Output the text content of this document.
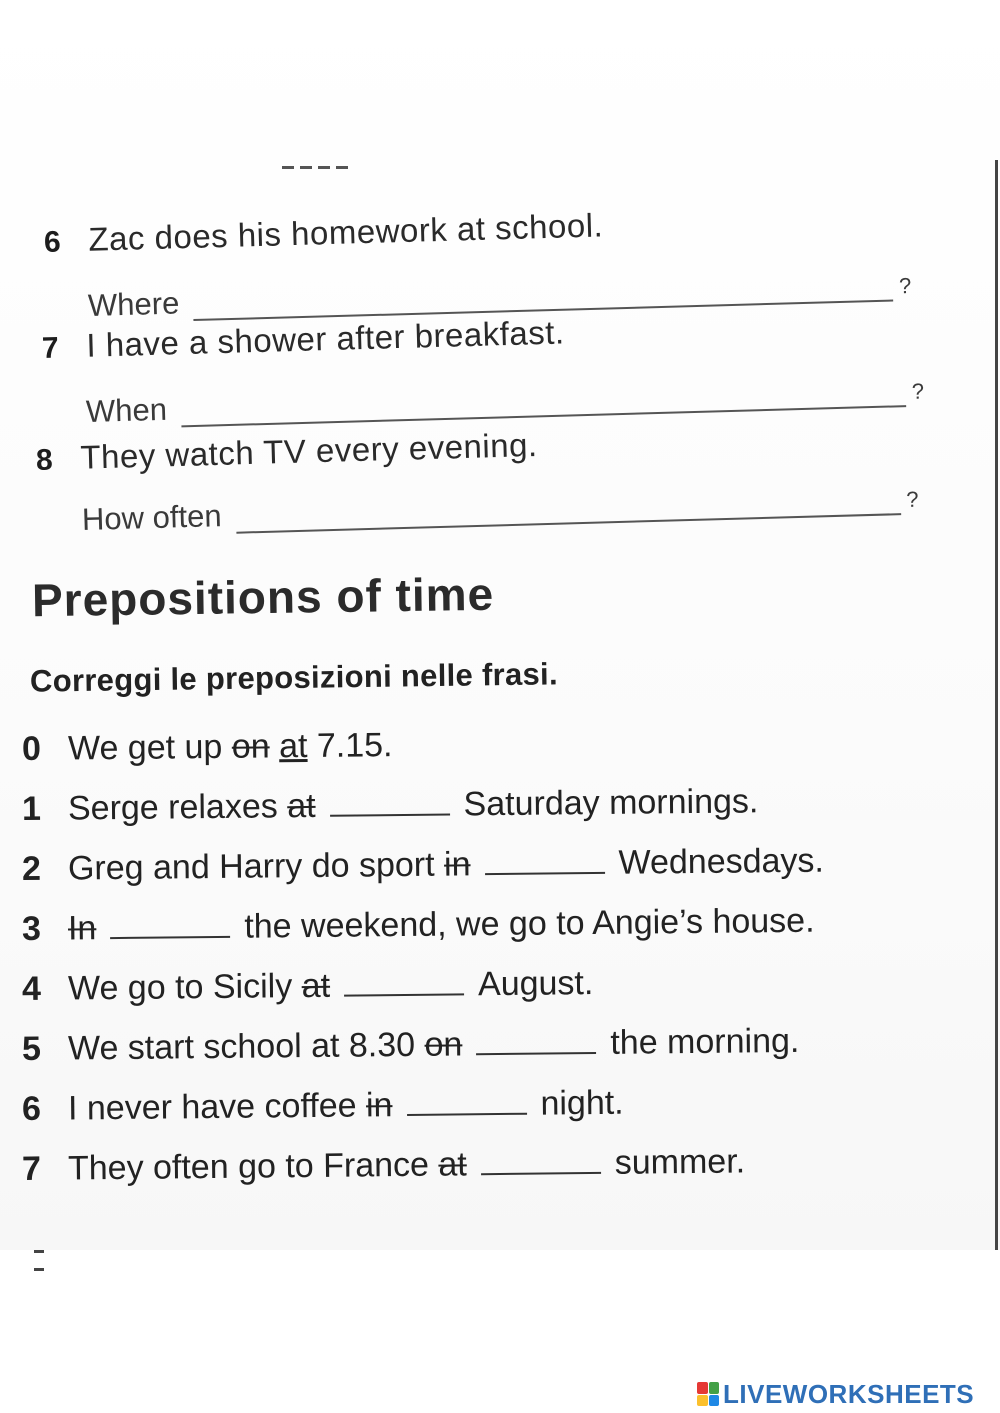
6 Zac does his homework at school.
Where	?
7 I have a shower after breakfast.
When?
8 They watch TV every evening.
How often	?
Prepositions of time
Correggi le preposizioni nelle frasi.
0 We get up on at 7.15.
1 Serge relaxes at	Saturday mornings.
2 Greg and Harry do sport in	Wednesdays.
3 In	the weekend, we go to Angie’s house.
4 We go to Sicily at	August.
5 We start school at 8.30 on	the morning.
6 I never have coffee in	night.
7 They often go to France at	summer.
LIVEWORKSHEETS
